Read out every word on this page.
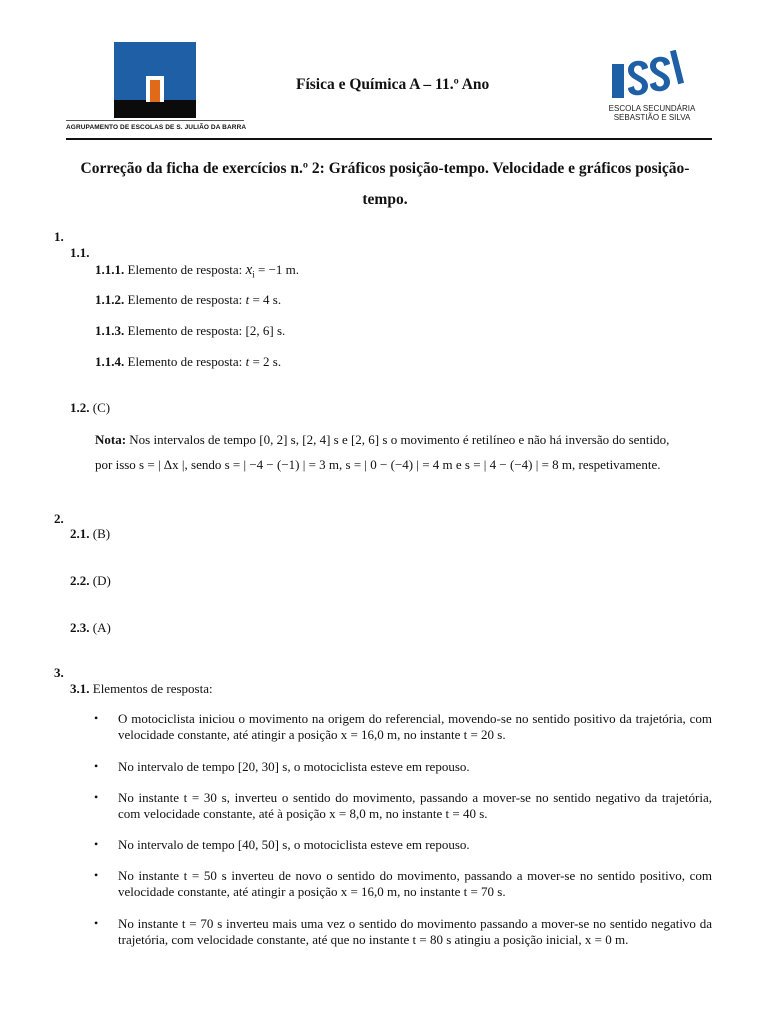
AGRUPAMENTO DE ESCOLAS DE S. JULIÃO DA BARRA
Física e Química A – 11.º Ano
ESCOLA SECUNDÁRIA
SEBASTIÃO E SILVA
Correção da ficha de exercícios n.º 2: Gráficos posição-tempo. Velocidade e gráficos posição-tempo.
1.
1.1.
1.1.1. Elemento de resposta: $x_i = -1$ m.
1.1.2. Elemento de resposta: t = 4 s.
1.1.3. Elemento de resposta: [2, 6] s.
1.1.4. Elemento de resposta: t = 2 s.
1.2. (C)
Nota: Nos intervalos de tempo [0, 2] s, [2, 4] s e [2, 6] s o movimento é retilíneo e não há inversão do sentido,
por isso s = | Δx |, sendo s = | −4 − (−1) | = 3 m, s = | 0 − (−4) | = 4 m e s = | 4 − (−4) | = 8 m, respetivamente.
2.
2.1. (B)
2.2. (D)
2.3. (A)
3.
3.1. Elementos de resposta:
• O motociclista iniciou o movimento na origem do referencial, movendo-se no sentido positivo da trajetória, com velocidade constante, até atingir a posição x = 16,0 m, no instante t = 20 s.
• No intervalo de tempo [20, 30] s, o motociclista esteve em repouso.
• No instante t = 30 s, inverteu o sentido do movimento, passando a mover-se no sentido negativo da trajetória, com velocidade constante, até à posição x = 8,0 m, no instante t = 40 s.
• No intervalo de tempo [40, 50] s, o motociclista esteve em repouso.
• No instante t = 50 s inverteu de novo o sentido do movimento, passando a mover-se no sentido positivo, com velocidade constante, até atingir a posição x = 16,0 m, no instante t = 70 s.
• No instante t = 70 s inverteu mais uma vez o sentido do movimento passando a mover-se no sentido negativo da trajetória, com velocidade constante, até que no instante t = 80 s atingiu a posição inicial, x = 0 m.
